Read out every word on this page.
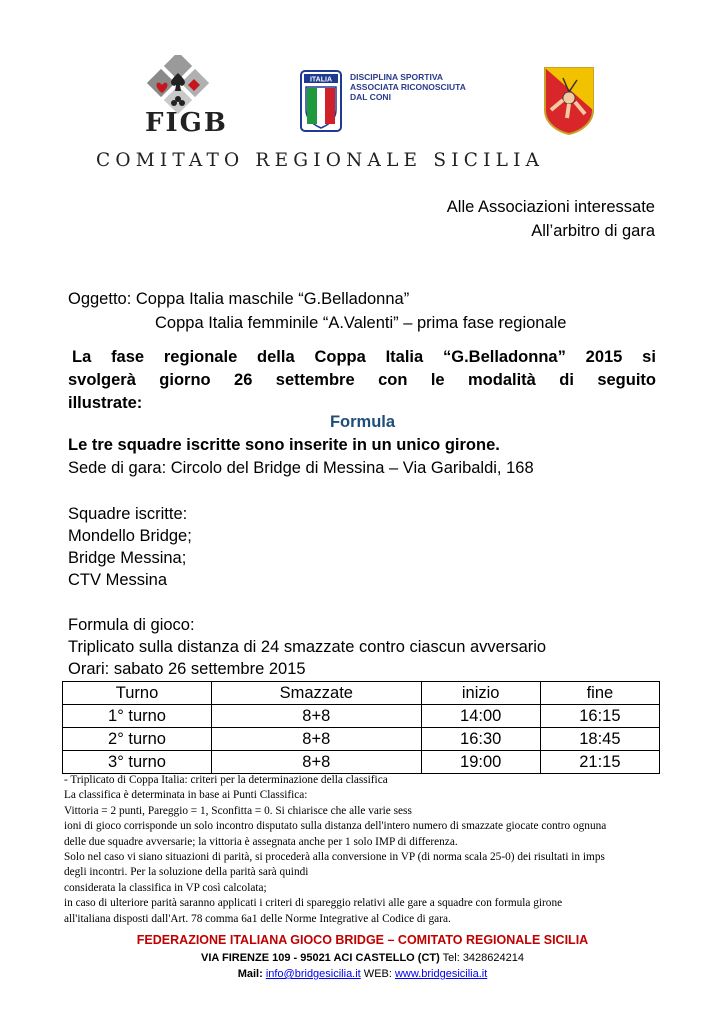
FIGB
ITALIA DISCIPLINA SPORTIVA
ASSOCIATA RICONOSCIUTA
DAL CONI
COMITATO REGIONALE SICILIA
Alle Associazioni interessate
All’arbitro di gara
Oggetto: Coppa Italia maschile “G.Belladonna”
Coppa Italia femminile “A.Valenti” – prima fase regionale
La fase regionale della Coppa Italia “G.Belladonna” 2015 si
svolgerà giorno 26 settembre con le modalità di seguito
illustrate:
Formula
Le tre squadre iscritte sono inserite in un unico girone.
Sede di gara: Circolo del Bridge di Messina – Via Garibaldi, 168
Squadre iscritte:
Mondello Bridge;
Bridge Messina;
CTV Messina
Formula di gioco:
Triplicato sulla distanza di 24 smazzate contro ciascun avversario
Orari: sabato 26 settembre 2015
Turno	Smazzate	inizio	fine
1° turno	8+8	14:00	16:15
2° turno	8+8	16:30	18:45
3° turno	8+8	19:00	21:15
- Triplicato di Coppa Italia: criteri per la determinazione della classifica
La classifica è determinata in base ai Punti Classifica:
Vittoria = 2 punti, Pareggio = 1, Sconfitta = 0. Si chiarisce che alle varie sess
ioni di gioco corrisponde un solo incontro disputato sulla distanza dell'intero numero di smazzate giocate contro ognuna
delle due squadre avversarie; la vittoria è assegnata anche per 1 solo IMP di differenza.
Solo nel caso vi siano situazioni di parità, si procederà alla conversione in VP (di norma scala 25-0) dei risultati in imps
degli incontri. Per la soluzione della parità sarà quindi
considerata la classifica in VP così calcolata;
in caso di ulteriore parità saranno applicati i criteri di spareggio relativi alle gare a squadre con formula girone
all'italiana disposti dall'Art. 78 comma 6a1 delle Norme Integrative al Codice di gara.
FEDERAZIONE ITALIANA GIOCO BRIDGE – COMITATO REGIONALE SICILIA
VIA FIRENZE 109 - 95021 ACI CASTELLO (CT) Tel: 3428624214
Mail: info@bridgesicilia.it WEB: www.bridgesicilia.it
